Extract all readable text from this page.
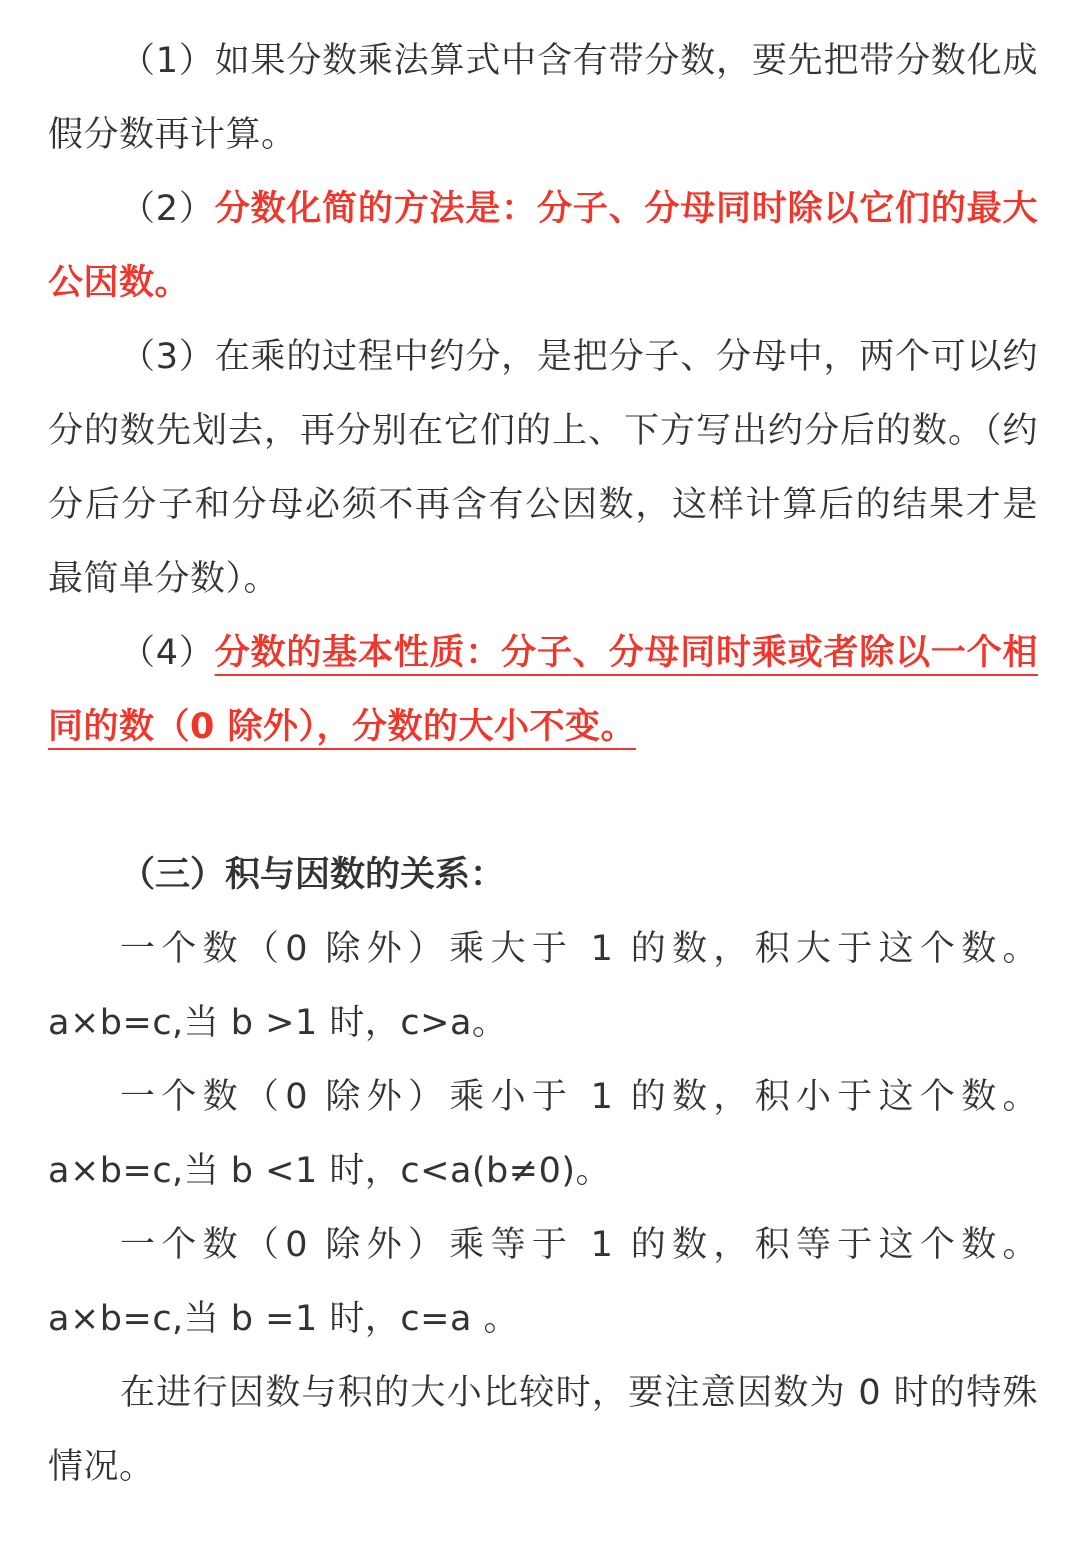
（1）如果分数乘法算式中含有带分数，要先把带分数化成假分数再计算。

（2）分数化简的方法是：分子、分母同时除以它们的最大公因数。

（3）在乘的过程中约分，是把分子、分母中，两个可以约分的数先划去，再分别在它们的上、下方写出约分后的数。（约分后分子和分母必须不再含有公因数，这样计算后的结果才是最简单分数）。

（4）分数的基本性质：分子、分母同时乘或者除以一个相同的数（0 除外），分数的大小不变。

（三）积与因数的关系：

一个数（0 除外）乘大于 1 的数，积大于这个数。a×b=c,当 b >1 时，c>a。

一个数（0 除外）乘小于 1 的数，积小于这个数。a×b=c,当 b <1 时，c<a(b≠0)。

一个数（0 除外）乘等于 1 的数，积等于这个数。a×b=c,当 b =1 时，c=a 。

在进行因数与积的大小比较时，要注意因数为 0 时的特殊情况。
